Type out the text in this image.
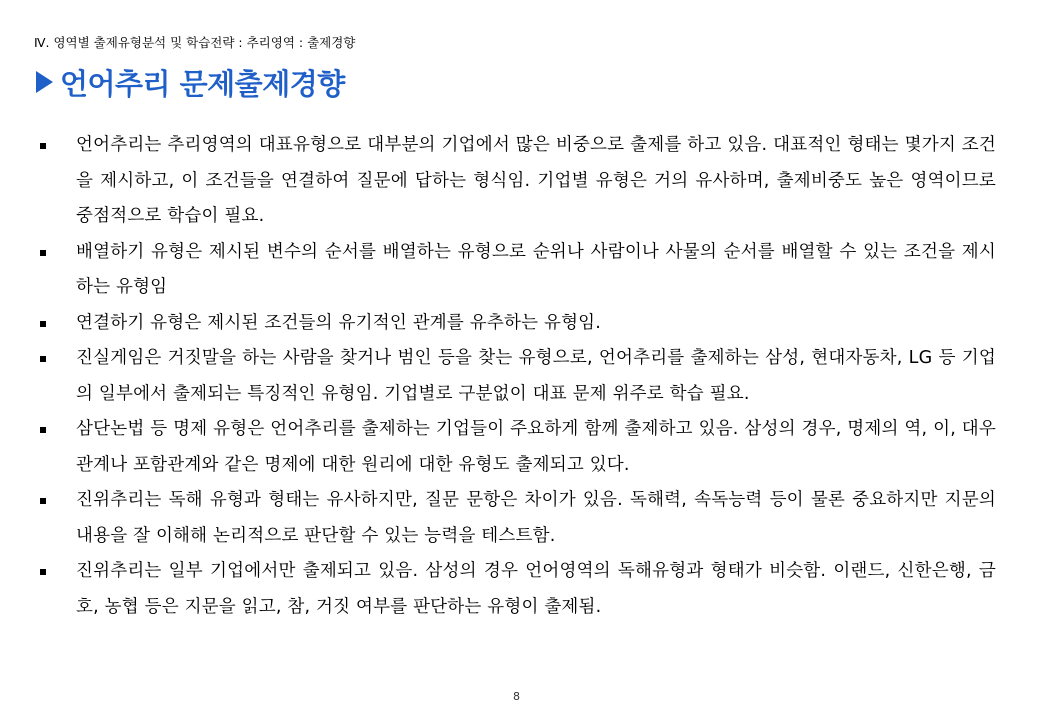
Ⅳ. 영역별 출제유형분석 및 학습전략 : 추리영역 : 출제경향
언어추리 문제출제경향
언어추리는 추리영역의 대표유형으로 대부분의 기업에서 많은 비중으로 출제를 하고 있음. 대표적인 형태는 몇가지 조건을 제시하고, 이 조건들을 연결하여 질문에 답하는 형식임. 기업별 유형은 거의 유사하며, 출제비중도 높은 영역이므로 중점적으로 학습이 필요.
배열하기 유형은 제시된 변수의 순서를 배열하는 유형으로 순위나 사람이나 사물의 순서를 배열할 수 있는 조건을 제시하는 유형임
연결하기 유형은 제시된 조건들의 유기적인 관계를 유추하는 유형임.
진실게임은 거짓말을 하는 사람을 찾거나 범인 등을 찾는 유형으로, 언어추리를 출제하는 삼성, 현대자동차, LG 등 기업의 일부에서 출제되는 특징적인 유형임. 기업별로 구분없이 대표 문제 위주로 학습 필요.
삼단논법 등 명제 유형은 언어추리를 출제하는 기업들이 주요하게 함께 출제하고 있음. 삼성의 경우, 명제의 역, 이, 대우관계나 포함관계와 같은 명제에 대한 원리에 대한 유형도 출제되고 있다.
진위추리는 독해 유형과 형태는 유사하지만, 질문 문항은 차이가 있음. 독해력, 속독능력 등이 물론 중요하지만 지문의 내용을 잘 이해해 논리적으로 판단할 수 있는 능력을 테스트함.
진위추리는 일부 기업에서만 출제되고 있음. 삼성의 경우 언어영역의 독해유형과 형태가 비슷함. 이랜드, 신한은행, 금호, 농협 등은 지문을 읽고, 참, 거짓 여부를 판단하는 유형이 출제됨.
8
